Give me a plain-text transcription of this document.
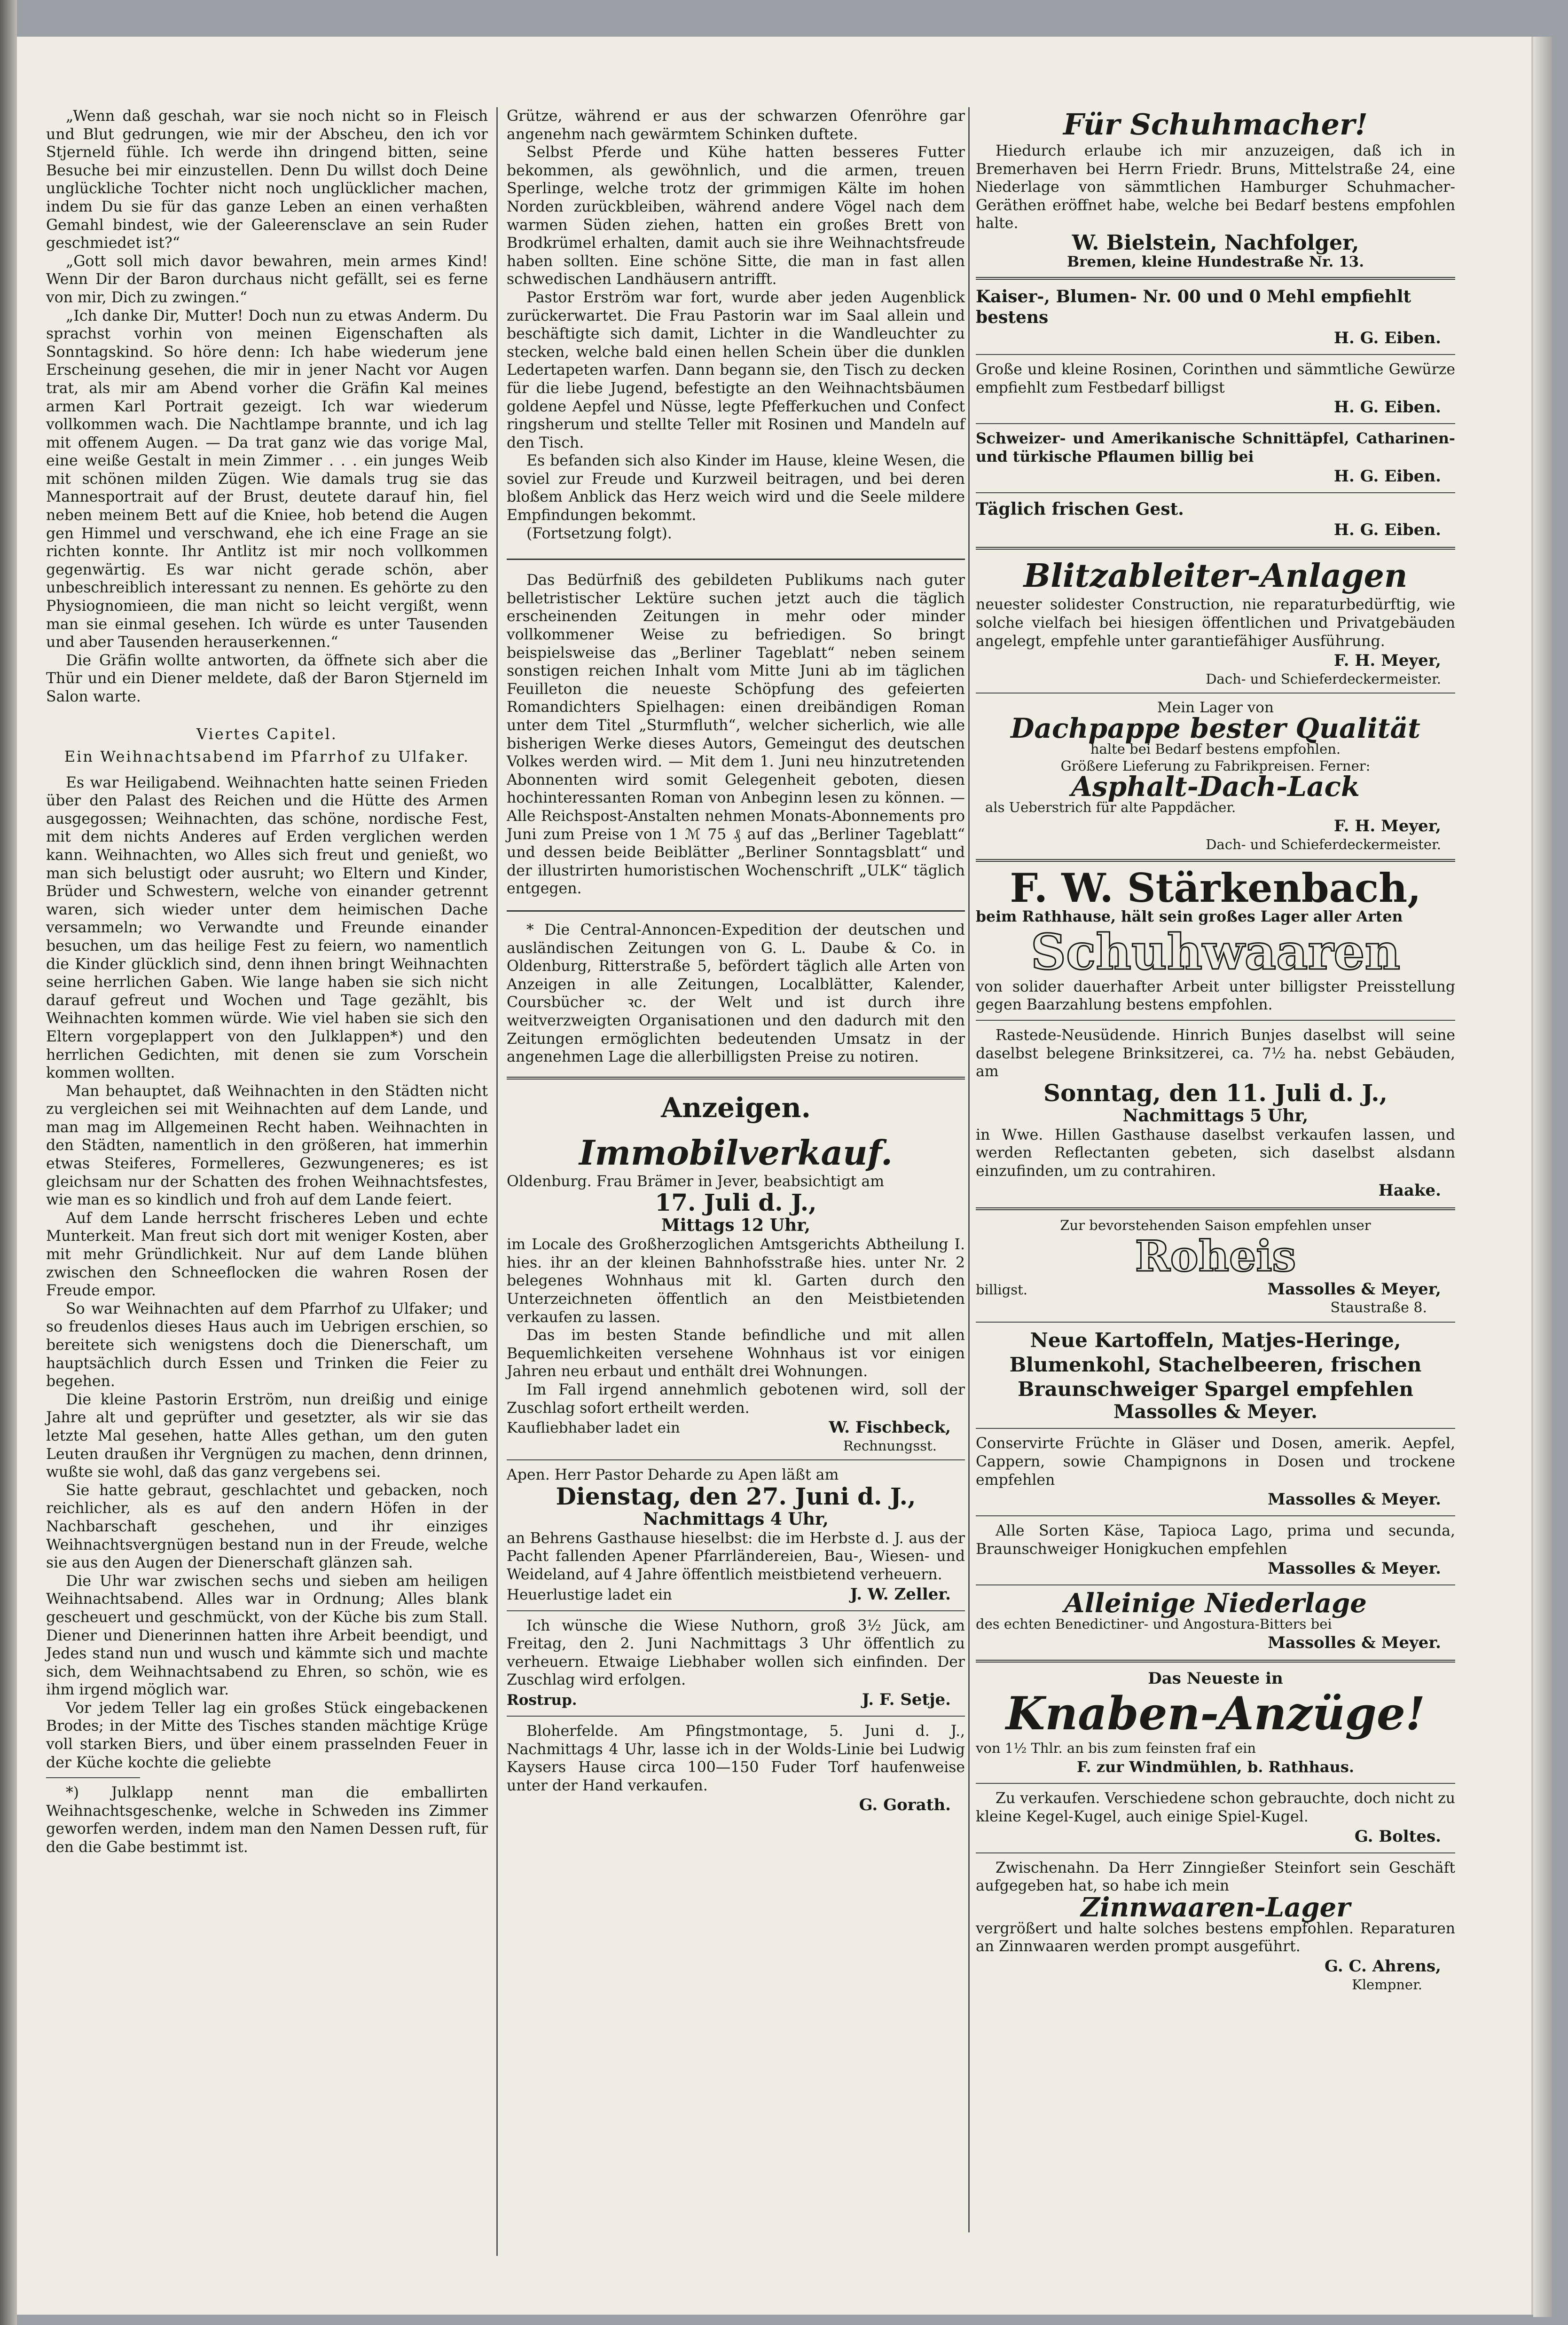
„Wenn daß geschah, war sie noch nicht so in Fleisch und Blut gedrungen, wie mir der Abscheu, den ich vor Stjerneld fühle. Ich werde ihn dringend bitten, seine Besuche bei mir einzustellen. Denn Du willst doch Deine unglückliche Tochter nicht noch unglücklicher machen, indem Du sie für das ganze Leben an einen verhaßten Gemahl bindest, wie der Galeerensclave an sein Ruder geschmiedet ist?“

„Gott soll mich davor bewahren, mein armes Kind! Wenn Dir der Baron durchaus nicht gefällt, sei es ferne von mir, Dich zu zwingen.“

„Ich danke Dir, Mutter! Doch nun zu etwas Anderm. Du sprachst vorhin von meinen Eigenschaften als Sonntagskind. So höre denn: Ich habe wiederum jene Erscheinung gesehen, die mir in jener Nacht vor Augen trat, als mir am Abend vorher die Gräfin Kal meines armen Karl Portrait gezeigt. Ich war wiederum vollkommen wach. Die Nachtlampe brannte, und ich lag mit offenem Augen. — Da trat ganz wie das vorige Mal, eine weiße Gestalt in mein Zimmer . . . ein junges Weib mit schönen milden Zügen. Wie damals trug sie das Mannesportrait auf der Brust, deutete darauf hin, fiel neben meinem Bett auf die Kniee, hob betend die Augen gen Himmel und verschwand, ehe ich eine Frage an sie richten konnte. Ihr Antlitz ist mir noch vollkommen gegenwärtig. Es war nicht gerade schön, aber unbeschreiblich interessant zu nennen. Es gehörte zu den Physiognomieen, die man nicht so leicht vergißt, wenn man sie einmal gesehen. Ich würde es unter Tausenden und aber Tausenden herauserkennen.“

Die Gräfin wollte antworten, da öffnete sich aber die Thür und ein Diener meldete, daß der Baron Stjerneld im Salon warte.

Viertes Capitel.
Ein Weihnachtsabend im Pfarrhof zu Ulfaker.

Es war Heiligabend. Weihnachten hatte seinen Frieden über den Palast des Reichen und die Hütte des Armen ausgegossen; Weihnachten, das schöne, nordische Fest, mit dem nichts Anderes auf Erden verglichen werden kann. Weihnachten, wo Alles sich freut und genießt, wo man sich belustigt oder ausruht; wo Eltern und Kinder, Brüder und Schwestern, welche von einander getrennt waren, sich wieder unter dem heimischen Dache versammeln; wo Verwandte und Freunde einander besuchen, um das heilige Fest zu feiern, wo namentlich die Kinder glücklich sind, denn ihnen bringt Weihnachten seine herrlichen Gaben. Wie lange haben sie sich nicht darauf gefreut und Wochen und Tage gezählt, bis Weihnachten kommen würde. Wie viel haben sie sich den Eltern vorgeplappert von den Julklappen*) und den herrlichen Gedichten, mit denen sie zum Vorschein kommen wollten.

Man behauptet, daß Weihnachten in den Städten nicht zu vergleichen sei mit Weihnachten auf dem Lande, und man mag im Allgemeinen Recht haben. Weihnachten in den Städten, namentlich in den größeren, hat immerhin etwas Steiferes, Formelleres, Gezwungeneres; es ist gleichsam nur der Schatten des frohen Weihnachtsfestes, wie man es so kindlich und froh auf dem Lande feiert.

Auf dem Lande herrscht frischeres Leben und echte Munterkeit. Man freut sich dort mit weniger Kosten, aber mit mehr Gründlichkeit. Nur auf dem Lande blühen zwischen den Schneeflocken die wahren Rosen der Freude empor.

So war Weihnachten auf dem Pfarrhof zu Ulfaker; und so freudenlos dieses Haus auch im Uebrigen erschien, so bereitete sich wenigstens doch die Dienerschaft, um hauptsächlich durch Essen und Trinken die Feier zu begehen.

Die kleine Pastorin Erström, nun dreißig und einige Jahre alt und geprüfter und gesetzter, als wir sie das letzte Mal gesehen, hatte Alles gethan, um den guten Leuten draußen ihr Vergnügen zu machen, denn drinnen, wußte sie wohl, daß das ganz vergebens sei.

Sie hatte gebraut, geschlachtet und gebacken, noch reichlicher, als es auf den andern Höfen in der Nachbarschaft geschehen, und ihr einziges Weihnachtsvergnügen bestand nun in der Freude, welche sie aus den Augen der Dienerschaft glänzen sah.

Die Uhr war zwischen sechs und sieben am heiligen Weihnachtsabend. Alles war in Ordnung; Alles blank gescheuert und geschmückt, von der Küche bis zum Stall. Diener und Dienerinnen hatten ihre Arbeit beendigt, und Jedes stand nun und wusch und kämmte sich und machte sich, dem Weihnachtsabend zu Ehren, so schön, wie es ihm irgend möglich war.

Vor jedem Teller lag ein großes Stück eingebackenen Brodes; in der Mitte des Tisches standen mächtige Krüge voll starken Biers, und über einem prasselnden Feuer in der Küche kochte die geliebte

*) Julklapp nennt man die emballirten Weihnachtsgeschenke, welche in Schweden ins Zimmer geworfen werden, indem man den Namen Dessen ruft, für den die Gabe bestimmt ist.

Grütze, während er aus der schwarzen Ofenröhre gar angenehm nach gewärmtem Schinken duftete.

Selbst Pferde und Kühe hatten besseres Futter bekommen, als gewöhnlich, und die armen, treuen Sperlinge, welche trotz der grimmigen Kälte im hohen Norden zurückbleiben, während andere Vögel nach dem warmen Süden ziehen, hatten ein großes Brett von Brodkrümel erhalten, damit auch sie ihre Weihnachtsfreude haben sollten. Eine schöne Sitte, die man in fast allen schwedischen Landhäusern antrifft.

Pastor Erström war fort, wurde aber jeden Augenblick zurückerwartet. Die Frau Pastorin war im Saal allein und beschäftigte sich damit, Lichter in die Wandleuchter zu stecken, welche bald einen hellen Schein über die dunklen Ledertapeten warfen. Dann begann sie, den Tisch zu decken für die liebe Jugend, befestigte an den Weihnachtsbäumen goldene Aepfel und Nüsse, legte Pfefferkuchen und Confect ringsherum und stellte Teller mit Rosinen und Mandeln auf den Tisch.

Es befanden sich also Kinder im Hause, kleine Wesen, die soviel zur Freude und Kurzweil beitragen, und bei deren bloßem Anblick das Herz weich wird und die Seele mildere Empfindungen bekommt.

(Fortsetzung folgt).

Das Bedürfniß des gebildeten Publikums nach guter belletristischer Lektüre suchen jetzt auch die täglich erscheinenden Zeitungen in mehr oder minder vollkommener Weise zu befriedigen. So bringt beispielsweise das „Berliner Tageblatt“ neben seinem sonstigen reichen Inhalt vom Mitte Juni ab im täglichen Feuilleton die neueste Schöpfung des gefeierten Romandichters Spielhagen: einen dreibändigen Roman unter dem Titel „Sturmfluth“, welcher sicherlich, wie alle bisherigen Werke dieses Autors, Gemeingut des deutschen Volkes werden wird. — Mit dem 1. Juni neu hinzutretenden Abonnenten wird somit Gelegenheit geboten, diesen hochinteressanten Roman von Anbeginn lesen zu können. — Alle Reichspost-Anstalten nehmen Monats-Abonnements pro Juni zum Preise von 1 ℳ 75 ₰ auf das „Berliner Tageblatt“ und dessen beide Beiblätter „Berliner Sonntagsblatt“ und der illustrirten humoristischen Wochenschrift „ULK“ täglich entgegen.

* Die Central-Annoncen-Expedition der deutschen und ausländischen Zeitungen von G. L. Daube & Co. in Oldenburg, Ritterstraße 5, befördert täglich alle Arten von Anzeigen in alle Zeitungen, Localblätter, Kalender, Coursbücher ꝛc. der Welt und ist durch ihre weitverzweigten Organisationen und den dadurch mit den Zeitungen ermöglichten bedeutenden Umsatz in der angenehmen Lage die allerbilligsten Preise zu notiren.

Anzeigen.
Immobilverkauf.

Oldenburg. Frau Brämer in Jever, beabsichtigt am

17. Juli d. J.,
Mittags 12 Uhr,

im Locale des Großherzoglichen Amtsgerichts Abtheilung I. hies. ihr an der kleinen Bahnhofsstraße hies. unter Nr. 2 belegenes Wohnhaus mit kl. Garten durch den Unterzeichneten öffentlich an den Meistbietenden verkaufen zu lassen.

Das im besten Stande befindliche und mit allen Bequemlichkeiten versehene Wohnhaus ist vor einigen Jahren neu erbaut und enthält drei Wohnungen.

Im Fall irgend annehmlich gebotenen wird, soll der Zuschlag sofort ertheilt werden.

Kaufliebhaber ladet ein	W. Fischbeck,
Rechnungsst.

Apen. Herr Pastor Deharde zu Apen läßt am

Dienstag, den 27. Juni d. J.,
Nachmittags 4 Uhr,

an Behrens Gasthause hieselbst: die im Herbste d. J. aus der Pacht fallenden Apener Pfarrländereien, Bau-, Wiesen- und Weideland, auf 4 Jahre öffentlich meistbietend verheuern.

Heuerlustige ladet ein	J. W. Zeller.

Ich wünsche die Wiese Nuthorn, groß 3½ Jück, am Freitag, den 2. Juni Nachmittags 3 Uhr öffentlich zu verheuern. Etwaige Liebhaber wollen sich einfinden. Der Zuschlag wird erfolgen.

Rostrup.	J. F. Setje.

Bloherfelde. Am Pfingstmontage, 5. Juni d. J., Nachmittags 4 Uhr, lasse ich in der Wolds-Linie bei Ludwig Kaysers Hause circa 100—150 Fuder Torf haufenweise unter der Hand verkaufen.

G. Gorath.
Für Schuhmacher!

Hiedurch erlaube ich mir anzuzeigen, daß ich in Bremerhaven bei Herrn Friedr. Bruns, Mittelstraße 24, eine Niederlage von sämmtlichen Hamburger Schuhmacher-Geräthen eröffnet habe, welche bei Bedarf bestens empfohlen halte.

W. Bielstein, Nachfolger,
Bremen, kleine Hundestraße Nr. 13.
Kaiser-, Blumen- Nr. 00 und 0 Mehl empfiehlt bestens
H. G. Eiben.

Große und kleine Rosinen, Corinthen und sämmtliche Gewürze empfiehlt zum Festbedarf billigst

H. G. Eiben.

Schweizer- und Amerikanische Schnittäpfel, Catharinen- und türkische Pflaumen billig bei

H. G. Eiben.
Täglich frischen Gest.
H. G. Eiben.
Blitzableiter-Anlagen

neuester solidester Construction, nie reparaturbedürftig, wie solche vielfach bei hiesigen öffentlichen und Privatgebäuden angelegt, empfehle unter garantiefähiger Ausführung.

F. H. Meyer,
Dach- und Schieferdeckermeister.
Mein Lager von
Dachpappe bester Qualität
halte bei Bedarf bestens empfohlen.
Größere Lieferung zu Fabrikpreisen. Ferner:
Asphalt-Dach-Lack
als Ueberstrich für alte Pappdächer.
F. H. Meyer,
Dach- und Schieferdeckermeister.
F. W. Stärkenbach,

beim Rathhause, hält sein großes Lager aller Arten

Schuhwaaren

von solider dauerhafter Arbeit unter billigster Preisstellung gegen Baarzahlung bestens empfohlen.

Rastede-Neusüdende. Hinrich Bunjes daselbst will seine daselbst belegene Brinksitzerei, ca. 7½ ha. nebst Gebäuden, am

Sonntag, den 11. Juli d. J.,
Nachmittags 5 Uhr,

in Wwe. Hillen Gasthause daselbst verkaufen lassen, und werden Reflectanten gebeten, sich daselbst alsdann einzufinden, um zu contrahiren.

Haake.
Zur bevorstehenden Saison empfehlen unser
Roheis
billigst.	Massolles & Meyer,
Staustraße 8.
Neue Kartoffeln, Matjes-Heringe, Blumenkohl, Stachelbeeren, frischen Braunschweiger Spargel empfehlen
Massolles & Meyer.

Conservirte Früchte in Gläser und Dosen, amerik. Aepfel, Cappern, sowie Champignons in Dosen und trockene empfehlen

Massolles & Meyer.

Alle Sorten Käse, Tapioca Lago, prima und secunda, Braunschweiger Honigkuchen empfehlen

Massolles & Meyer.
Alleinige Niederlage
des echten Benedictiner- und Angostura-Bitters bei
Massolles & Meyer.
Das Neueste in
Knaben-Anzüge!
von 1½ Thlr. an bis zum feinsten fraf ein
F. zur Windmühlen, b. Rathhaus.

Zu verkaufen. Verschiedene schon gebrauchte, doch nicht zu kleine Kegel-Kugel, auch einige Spiel-Kugel.

G. Boltes.

Zwischenahn. Da Herr Zinngießer Steinfort sein Geschäft aufgegeben hat, so habe ich mein

Zinnwaaren-Lager

vergrößert und halte solches bestens empfohlen. Reparaturen an Zinnwaaren werden prompt ausgeführt.

G. C. Ahrens,
Klempner.
